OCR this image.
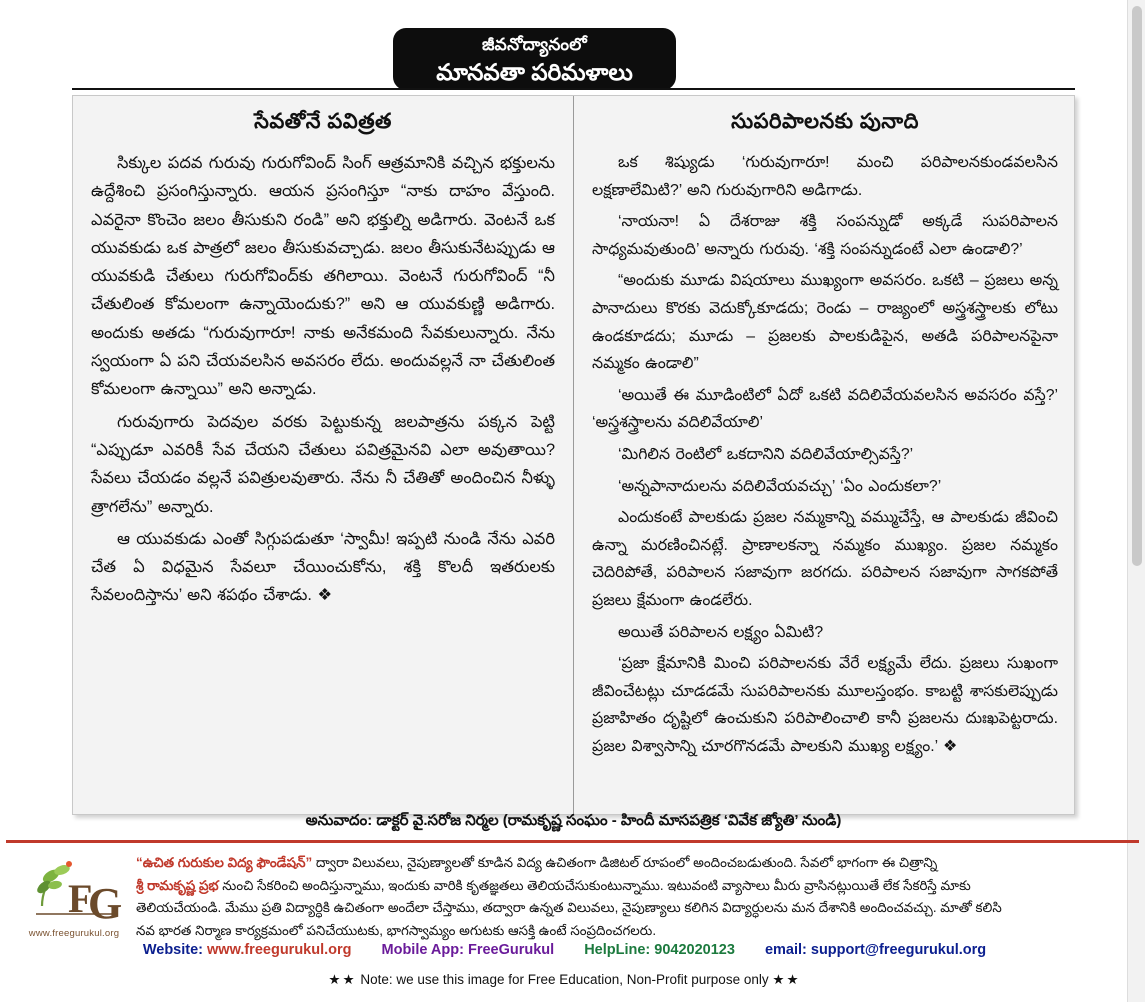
జీవనోద్యానంలో
మానవతా పరిమళాలు
సేవతోనే పవిత్రత

సిక్కుల పదవ గురువు గురుగోవింద్ సింగ్ ఆత్రమానికి వచ్చిన భక్తులను ఉద్దేశించి ప్రసంగిస్తున్నారు. ఆయన ప్రసంగిస్తూ “నాకు దాహం వేస్తుంది. ఎవరైనా కొంచెం జలం తీసుకుని రండి” అని భక్తుల్ని అడిగారు. వెంటనే ఒక యువకుడు ఒక పాత్రలో జలం తీసుకువచ్చాడు. జలం తీసుకునేటప్పుడు ఆ యువకుడి చేతులు గురుగోవింద్‌కు తగిలాయి. వెంటనే గురుగోవింద్ “నీ చేతులింత కోమలంగా ఉన్నాయెందుకు?” అని ఆ యువకుణ్ణి అడిగారు. అందుకు అతడు “గురువుగారూ! నాకు అనేకమంది సేవకులున్నారు. నేను స్వయంగా ఏ పని చేయవలసిన అవసరం లేదు. అందువల్లనే నా చేతులింత కోమలంగా ఉన్నాయి” అని అన్నాడు.

గురువుగారు పెదవుల వరకు పెట్టుకున్న జలపాత్రను పక్కన పెట్టి “ఎప్పుడూ ఎవరికీ సేవ చేయని చేతులు పవిత్రమైనవి ఎలా అవుతాయి? సేవలు చేయడం వల్లనే పవిత్రులవుతారు. నేను నీ చేతితో అందించిన నీళ్ళు త్రాగలేను” అన్నారు.

ఆ యువకుడు ఎంతో సిగ్గుపడుతూ ‘స్వామీ! ఇప్పటి నుండి నేను ఎవరి చేత ఏ విధమైన సేవలూ చేయించుకోను, శక్తి కొలదీ ఇతరులకు సేవలందిస్తాను’ అని శపథం చేశాడు. ❖

సుపరిపాలనకు పునాది

ఒక శిష్యుడు ‘గురువుగారూ! మంచి పరిపాలనకుండవలసిన లక్షణాలేమిటి?’ అని గురువుగారిని అడిగాడు.

‘నాయనా! ఏ దేశరాజు శక్తి సంపన్నుడో అక్కడే సుపరిపాలన సాధ్యమవుతుంది’ అన్నారు గురువు. ‘శక్తి సంపన్నుడంటే ఎలా ఉండాలి?’

“అందుకు మూడు విషయాలు ముఖ్యంగా అవసరం. ఒకటి – ప్రజలు అన్న పానాదులు కొరకు వెదుక్కోకూడదు; రెండు – రాజ్యంలో అస్త్రశస్త్రాలకు లోటు ఉండకూడదు; మూడు – ప్రజలకు పాలకుడిపైన, అతడి పరిపాలనపైనా నమ్మకం ఉండాలి”

‘అయితే ఈ మూడింటిలో ఏదో ఒకటి వదిలివేయవలసిన అవసరం వస్తే?’ ‘అస్త్రశస్త్రాలను వదిలివేయాలి’

‘మిగిలిన రెంటిలో ఒకదానిని వదిలివేయాల్సివస్తే?’

‘అన్నపానాదులను వదిలివేయవచ్చు’ ‘ఏం ఎందుకలా?’

ఎందుకంటే పాలకుడు ప్రజల నమ్మకాన్ని వమ్ముచేస్తే, ఆ పాలకుడు జీవించి ఉన్నా మరణించినట్లే. ప్రాణాలకన్నా నమ్మకం ముఖ్యం. ప్రజల నమ్మకం చెదిరిపోతే, పరిపాలన సజావుగా జరగదు. పరిపాలన సజావుగా సాగకపోతే ప్రజలు క్షేమంగా ఉండలేరు.

అయితే పరిపాలన లక్ష్యం ఏమిటి?

‘ప్రజా క్షేమానికి మించి పరిపాలనకు వేరే లక్ష్యమే లేదు. ప్రజలు సుఖంగా జీవించేటట్లు చూడడమే సుపరిపాలనకు మూలస్తంభం. కాబట్టి శాసకులెప్పుడు ప్రజాహితం దృష్టిలో ఉంచుకుని పరిపాలించాలి కానీ ప్రజలను దుఃఖపెట్టరాదు. ప్రజల విశ్వాసాన్ని చూరగొనడమే పాలకుని ముఖ్య లక్ష్యం.’ ❖

అనువాదం: డాక్టర్ వై.సరోజ నిర్మల (రామకృష్ణ సంఘం - హిందీ మాసపత్రిక ‘వివేక జ్యోతి’ నుండి)
F
G
www.freegurukul.org
“ఉచిత గురుకుల విద్య ఫౌండేషన్” ద్వారా విలువలు, నైపుణ్యాలతో కూడిన విద్య ఉచితంగా డిజిటల్ రూపంలో అందించబడుతుంది. సేవలో భాగంగా ఈ చిత్రాన్ని
శ్రీ రామకృష్ణ ప్రభ నుంచి సేకరించి అందిస్తున్నాము, ఇందుకు వారికి కృతజ్ఞతలు తెలియచేసుకుంటున్నాము. ఇటువంటి వ్యాసాలు మీరు వ్రాసినట్లుయితే లేక సేకరిస్తే మాకు
తెలియచేయండి. మేము ప్రతి విద్యార్ధికి ఉచితంగా అందేలా చేస్తాము, తద్వారా ఉన్నత విలువలు, నైపుణ్యాలు కలిగిన విద్యార్ధులను మన దేశానికి అందించవచ్చు. మాతో కలిసి
నవ భారత నిర్మాణ కార్యక్రమంలో పనిచేయుటకు, భాగస్వామ్యం అగుటకు ఆసక్తి ఉంటే సంప్రదించగలరు.
Website: www.freegurukul.org Mobile App: FreeGurukul HelpLine: 9042020123 email: support@freegurukul.org
★★ Note: we use this image for Free Education, Non-Profit purpose only ★★
